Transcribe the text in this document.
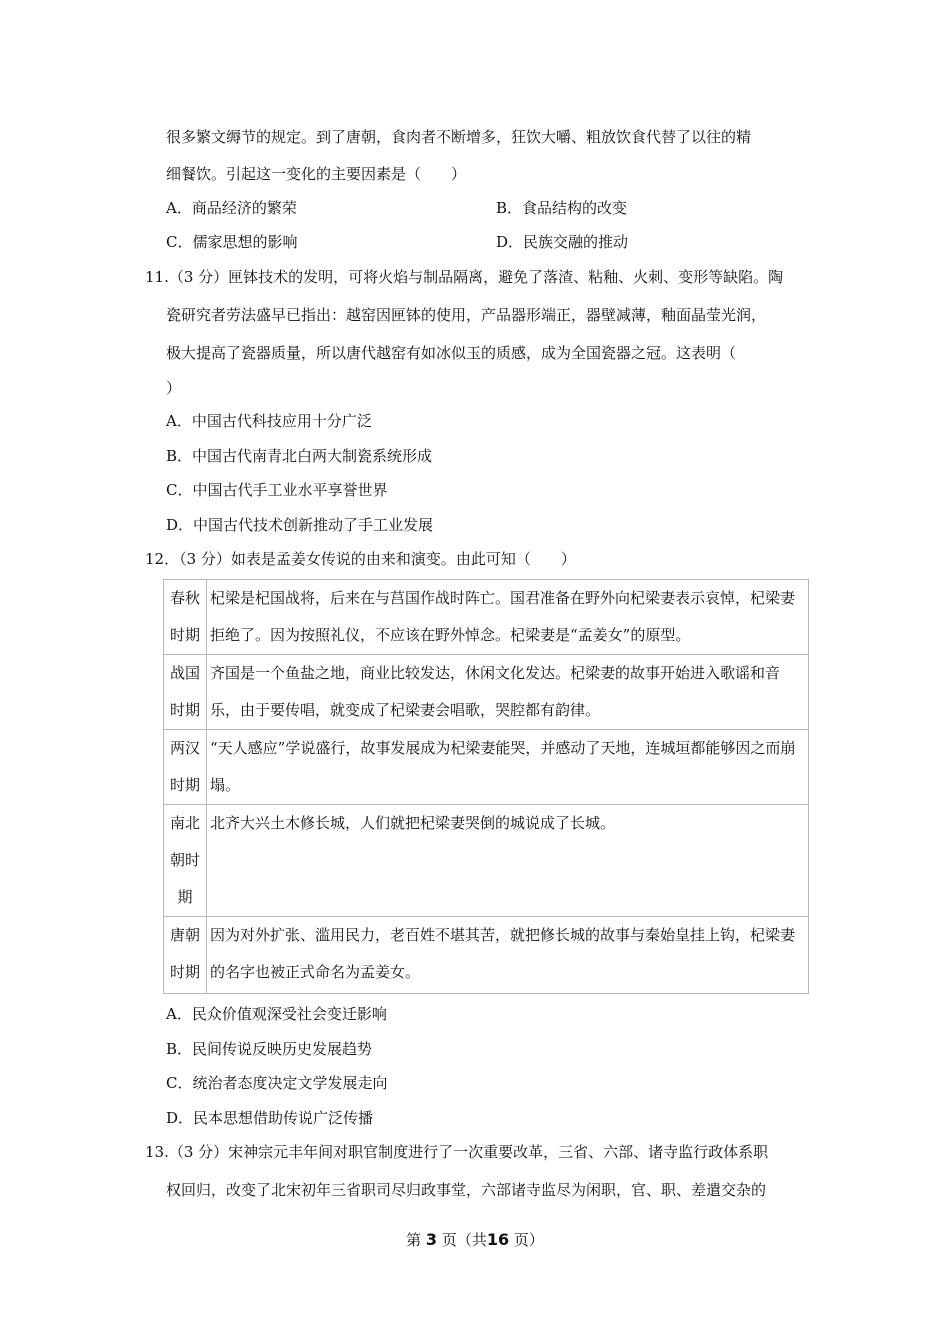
很多繁文缛节的规定。到了唐朝，食肉者不断增多，狂饮大嚼、粗放饮食代替了以往的精
细餐饮。引起这一变化的主要因素是（　　）
A．商品经济的繁荣	B．食品结构的改变
C．儒家思想的影响	D．民族交融的推动
11.（3 分）匣钵技术的发明，可将火焰与制品隔离，避免了落渣、粘釉、火刺、变形等缺陷。陶
瓷研究者劳法盛早已指出：越窑因匣钵的使用，产品器形端正，器壁减薄，釉面晶莹光润，
极大提高了瓷器质量，所以唐代越窑有如冰似玉的质感，成为全国瓷器之冠。这表明（
）
A．中国古代科技应用十分广泛
B．中国古代南青北白两大制瓷系统形成
C．中国古代手工业水平享誉世界
D．中国古代技术创新推动了手工业发展
12．（3 分）如表是孟姜女传说的由来和演变。由此可知（　　）
春秋时期	杞梁是杞国战将，后来在与莒国作战时阵亡。国君准备在野外向杞梁妻表示哀悼，杞梁妻拒绝了。因为按照礼仪，不应该在野外悼念。杞梁妻是“孟姜女”的原型。
战国时期	齐国是一个鱼盐之地，商业比较发达，休闲文化发达。杞梁妻的故事开始进入歌谣和音乐，由于要传唱，就变成了杞梁妻会唱歌，哭腔都有韵律。
两汉时期	“天人感应”学说盛行，故事发展成为杞梁妻能哭，并感动了天地，连城垣都能够因之而崩塌。
南北朝时期	北齐大兴土木修长城，人们就把杞梁妻哭倒的城说成了长城。
唐朝时期	因为对外扩张、滥用民力，老百姓不堪其苦，就把修长城的故事与秦始皇挂上钩，杞梁妻的名字也被正式命名为孟姜女。
A．民众价值观深受社会变迁影响
B．民间传说反映历史发展趋势
C．统治者态度决定文学发展走向
D．民本思想借助传说广泛传播
13.（3 分）宋神宗元丰年间对职官制度进行了一次重要改革，三省、六部、诸寺监行政体系职
权回归，改变了北宋初年三省职司尽归政事堂，六部诸寺监尽为闲职，官、职、差遣交杂的
第 3 页（共16 页）
